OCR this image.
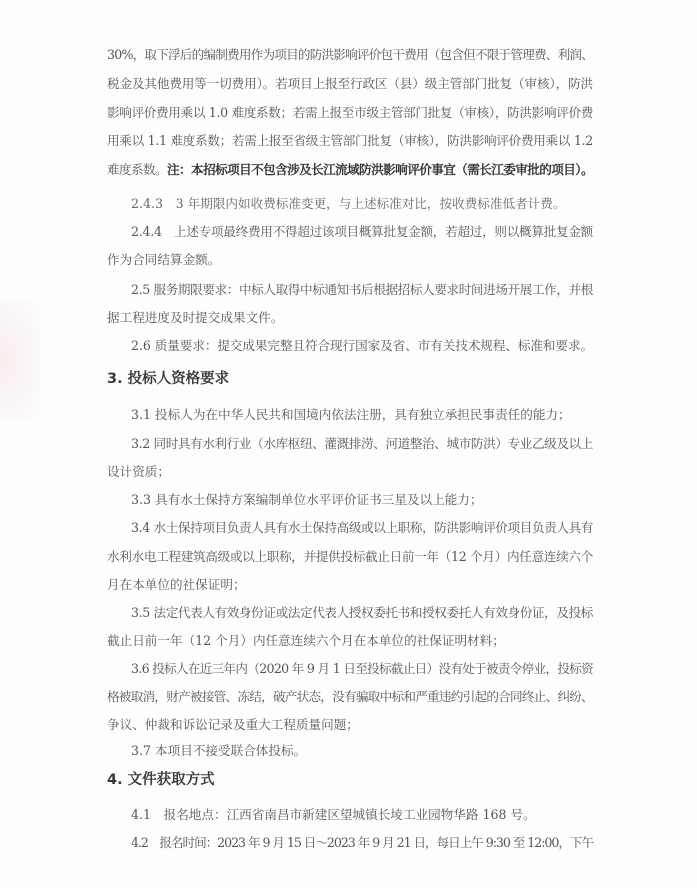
30%，取下浮后的编制费用作为项目的防洪影响评价包干费用（包含但不限于管理费、利润、
税金及其他费用等一切费用）。若项目上报至行政区（县）级主管部门批复（审核），防洪
影响评价费用乘以 1.0 难度系数；若需上报至市级主管部门批复（审核），防洪影响评价费
用乘以 1.1 难度系数；若需上报至省级主管部门批复（审核），防洪影响评价费用乘以 1.2
难度系数。注：本招标项目不包含涉及长江流域防洪影响评价事宜（需长江委审批的项目）。
2.4.3　3 年期限内如收费标准变更，与上述标准对比，按收费标准低者计费。
2.4.4　上述专项最终费用不得超过该项目概算批复金额，若超过，则以概算批复金额
作为合同结算金额。
2.5 服务期限要求：中标人取得中标通知书后根据招标人要求时间进场开展工作，并根
据工程进度及时提交成果文件。
2.6 质量要求：提交成果完整且符合现行国家及省、市有关技术规程、标准和要求。
3. 投标人资格要求
3.1 投标人为在中华人民共和国境内依法注册，具有独立承担民事责任的能力；
3.2 同时具有水利行业（水库枢纽、灌溉排涝、河道整治、城市防洪）专业乙级及以上
设计资质；
3.3 具有水土保持方案编制单位水平评价证书三星及以上能力；
3.4 水土保持项目负责人具有水土保持高级或以上职称，防洪影响评价项目负责人具有
水利水电工程建筑高级或以上职称，并提供投标截止日前一年（12 个月）内任意连续六个
月在本单位的社保证明；
3.5 法定代表人有效身份证或法定代表人授权委托书和授权委托人有效身份证，及投标
截止日前一年（12 个月）内任意连续六个月在本单位的社保证明材料；
3.6 投标人在近三年内（2020 年 9 月 1 日至投标截止日）没有处于被责令停业，投标资
格被取消，财产被接管、冻结，破产状态，没有骗取中标和严重违约引起的合同终止、纠纷、
争议、仲裁和诉讼记录及重大工程质量问题；
3.7 本项目不接受联合体投标。
4. 文件获取方式
4.1　报名地点：江西省南昌市新建区望城镇长堎工业园物华路 168 号。
4.2　报名时间：2023 年 9 月 15 日～2023 年 9 月 21 日，每日上午 9:30 至 12:00，下午
